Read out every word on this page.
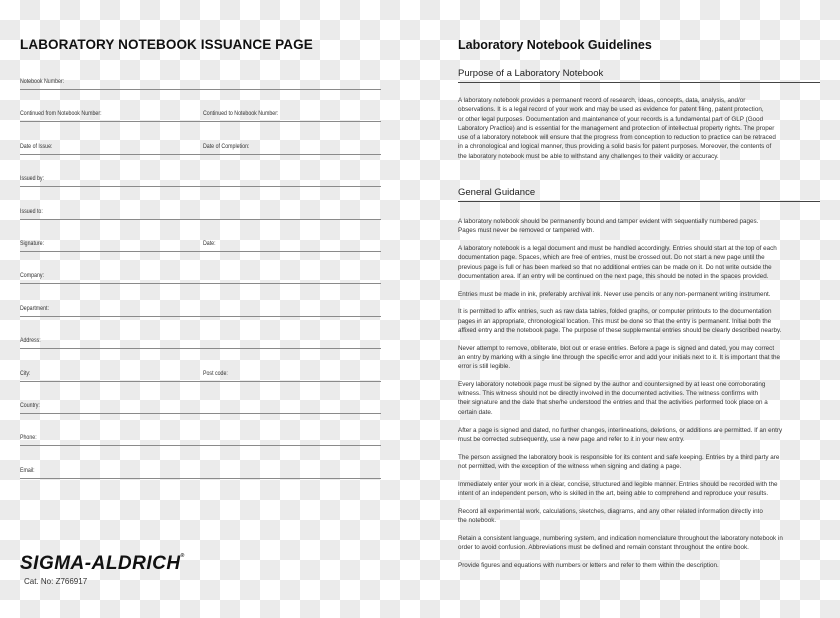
LABORATORY NOTEBOOK ISSUANCE PAGE
Notebook Number:
Continued from Notebook Number:	Continued to Notebook Number:
Date of Issue:	Date of Completion:
Issued by:
Issued to:
Signature:	Date:
Company:
Department:
Address:
City:	Post code:
Country:
Phone:
Email:
SIGMA-ALDRICH®
Cat. No: Z766917
Laboratory Notebook Guidelines
Purpose of a Laboratory Notebook
A laboratory notebook provides a permanent record of research, ideas, concepts, data, analysis, and/or
observations. It is a legal record of your work and may be used as evidence for patent filing, patent protection,
or other legal purposes. Documentation and maintenance of your records is a fundamental part of GLP (Good
Laboratory Practice) and is essential for the management and protection of intellectual property rights. The proper
use of a laboratory notebook will ensure that the progress from conception to reduction to practice can be retraced
in a chronological and logical manner, thus providing a solid basis for patent purposes. Moreover, the contents of
the laboratory notebook must be able to withstand any challenges to their validity or accuracy.
General Guidance
A laboratory notebook should be permanently bound and tamper evident with sequentially numbered pages.
Pages must never be removed or tampered with.
A laboratory notebook is a legal document and must be handled accordingly. Entries should start at the top of each
documentation page. Spaces, which are free of entries, must be crossed out. Do not start a new page until the
previous page is full or has been marked so that no additional entries can be made on it. Do not write outside the
documentation area. If an entry will be continued on the next page, this should be noted in the spaces provided.
Entries must be made in ink, preferably archival ink. Never use pencils or any non-permanent writing instrument.
It is permitted to affix entries, such as raw data tables, folded graphs, or computer printouts to the documentation
pages in an appropriate, chronological location. This must be done so that the entry is permanent. Initial both the
affixed entry and the notebook page. The purpose of these supplemental entries should be clearly described nearby.
Never attempt to remove, obliterate, blot out or erase entries. Before a page is signed and dated, you may correct
an entry by marking with a single line through the specific error and add your initials next to it. It is important that the
error is still legible.
Every laboratory notebook page must be signed by the author and countersigned by at least one corroborating
witness. This witness should not be directly involved in the documented activities. The witness confirms with
their signature and the date that she/he understood the entries and that the activities performed took place on a
certain date.
After a page is signed and dated, no further changes, interlineations, deletions, or additions are permitted. If an entry
must be corrected subsequently, use a new page and refer to it in your new entry.
The person assigned the laboratory book is responsible for its content and safe keeping. Entries by a third party are
not permitted, with the exception of the witness when signing and dating a page.
Immediately enter your work in a clear, concise, structured and legible manner. Entries should be recorded with the
intent of an independent person, who is skilled in the art, being able to comprehend and reproduce your results.
Record all experimental work, calculations, sketches, diagrams, and any other related information directly into
the notebook.
Retain a consistent language, numbering system, and indication nomenclature throughout the laboratory notebook in
order to avoid confusion. Abbreviations must be defined and remain constant throughout the entire book.
Provide figures and equations with numbers or letters and refer to them within the description.
